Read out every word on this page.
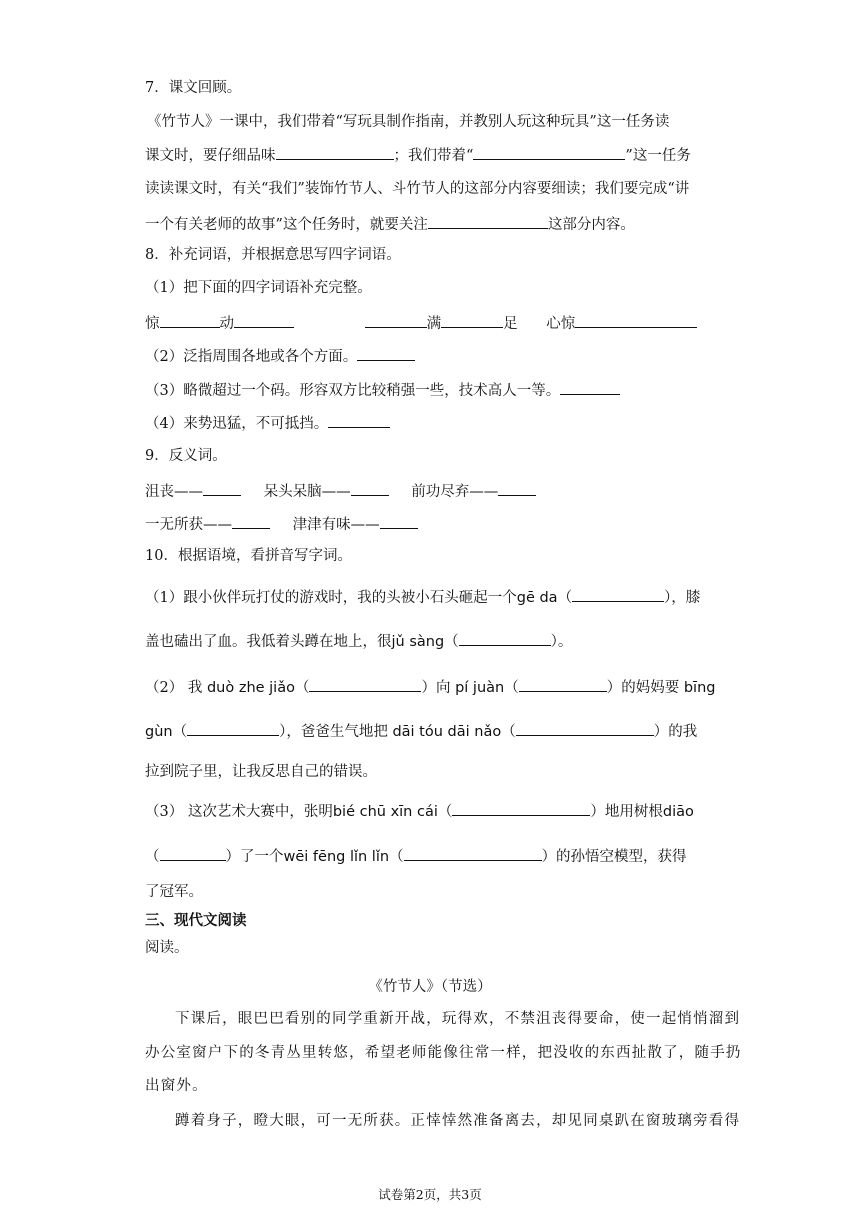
7．课文回顾。
《竹节人》一课中，我们带着“写玩具制作指南，并教别人玩这种玩具”这一任务读
课文时，要仔细品味	；我们带着“	”这一任务
读读课文时，有关“我们”装饰竹节人、斗竹节人的这部分内容要细读；我们要完成“讲
一个有关老师的故事”这个任务时，就要关注	这部分内容。
8．补充词语，并根据意思写四字词语。
（1）把下面的四字词语补充完整。
惊	动	满	足 心惊
（2）泛指周围各地或各个方面。
（3）略微超过一个码。形容双方比较稍强一些，技术高人一等。
（4）来势迅猛，不可抵挡。
9．反义词。
沮丧——	呆头呆脑——	前功尽弃——
一无所获——	津津有味——
10．根据语境，看拼音写字词。
（1）跟小伙伴玩打仗的游戏时，我的头被小石头砸起一个gē da（	），膝
盖也磕出了血。我低着头蹲在地上，很jǔ sàng（	）。
（2） 我 duò zhe jiǎo（	）向 pí juàn（	）的妈妈要 bīng
gùn（	），爸爸生气地把 dāi tóu dāi nǎo（	）的我
拉到院子里，让我反思自己的错误。
（3） 这次艺术大赛中，张明bié chū xīn cái（	）地用树根diāo
（	）了一个wēi fēng lǐn lǐn（	）的孙悟空模型，获得
了冠军。
三、现代文阅读
阅读。
《竹节人》（节选）
下课后，眼巴巴看别的同学重新开战，玩得欢，不禁沮丧得要命，使一起悄悄溜到
办公室窗户下的冬青丛里转悠，希望老师能像往常一样，把没收的东西扯散了，随手扔
出窗外。
蹲着身子，瞪大眼，可一无所获。正悻悻然准备离去，却见同桌趴在窗玻璃旁看得
试卷第2页，共3页
